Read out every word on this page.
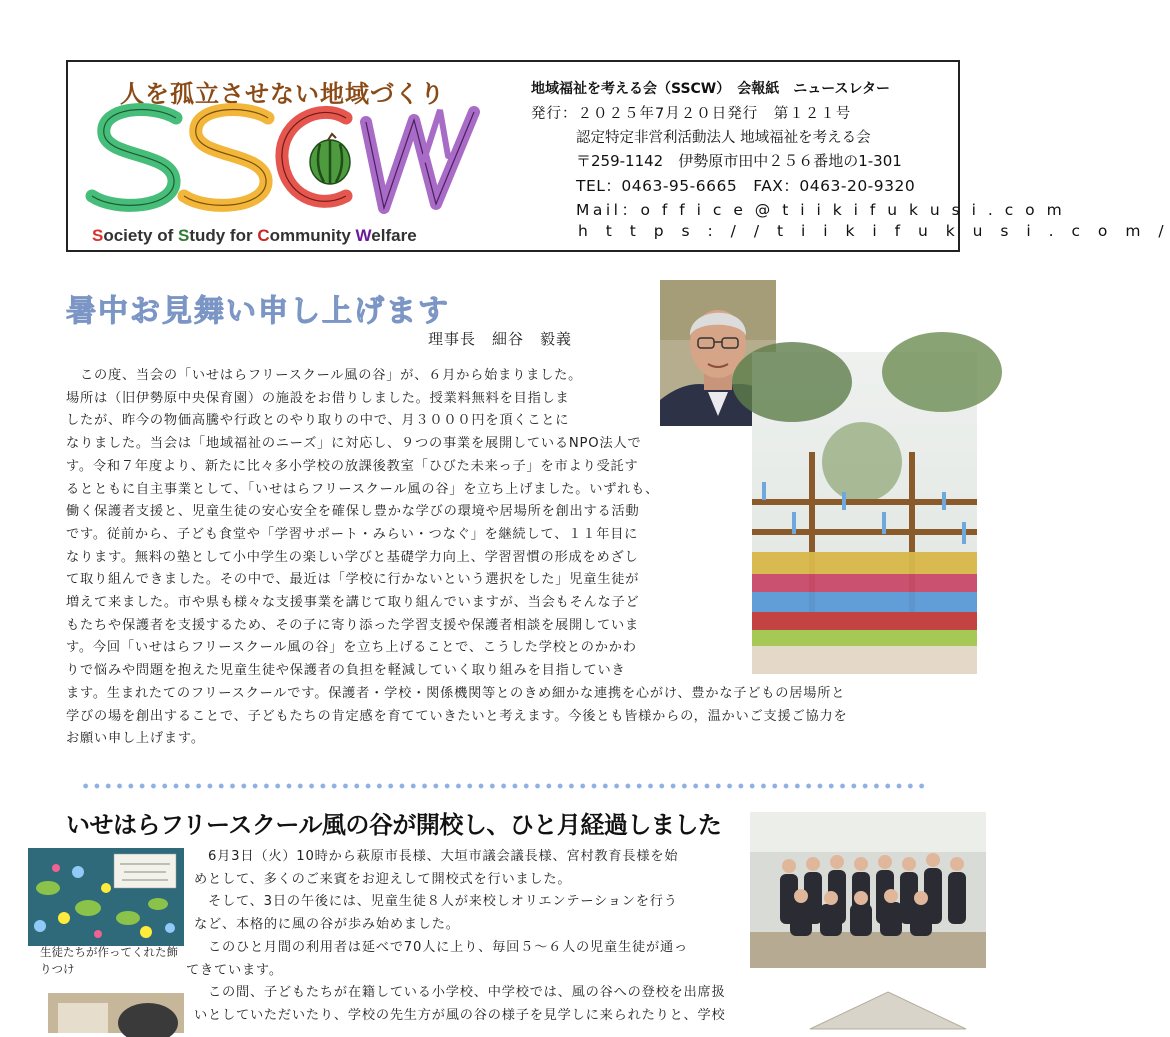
人を孤立させない地域づくり
Society of Study for Community Welfare
地域福祉を考える会（SSCW）　会報紙　ニュースレター
発行：２０２５年7月２０日発行　第１２１号
認定特定非営利活動法人 地域福祉を考える会
〒259-1142　伊勢原市田中２５６番地の1-301
TEL：0463-95-6665　FAX：0463-20-9320
Mail：o f f i c e @ t i i k i f u k u s i . c o m
h t t p s : / / t i i k i f u k u s i . c o m /
暑中お見舞い申し上げます
理事長　細谷　毅義
　この度、当会の「いせはらフリースクール風の谷」が、６月から始まりました。
場所は（旧伊勢原中央保育園）の施設をお借りしました。授業料無料を目指しま
したが、昨今の物価高騰や行政とのやり取りの中で、月３０００円を頂くことに
なりました。当会は「地域福祉のニーズ」に対応し、９つの事業を展開しているNPO法人で
す。令和７年度より、新たに比々多小学校の放課後教室「ひびた未来っ子」を市より受託す
るとともに自主事業として、｢いせはらフリースクール風の谷」を立ち上げました。いずれも、
働く保護者支援と、児童生徒の安心安全を確保し豊かな学びの環境や居場所を創出する活動
です。従前から、子ども食堂や「学習サポート・みらい・つなぐ」を継続して、１１年目に
なります。無料の塾として小中学生の楽しい学びと基礎学力向上、学習習慣の形成をめざし
て取り組んできました。その中で、最近は「学校に行かないという選択をした」児童生徒が
増えて来ました。市や県も様々な支援事業を講じて取り組んでいますが、当会もそんな子ど
もたちや保護者を支援するため、その子に寄り添った学習支援や保護者相談を展開していま
す。今回「いせはらフリースクール風の谷」を立ち上げることで、こうした学校とのかかわ
りで悩みや問題を抱えた児童生徒や保護者の負担を軽減していく取り組みを目指していき
ます。生まれたてのフリースクールです。保護者・学校・関係機関等とのきめ細かな連携を心がけ、豊かな子どもの居場所と
学びの場を創出することで、子どもたちの肯定感を育てていきたいと考えます。今後とも皆様からの，温かいご支援ご協力を
お願い申し上げます。
いせはらフリースクール風の谷が開校し、ひと月経過しました
生徒たちが作ってくれた飾りつけ
　6月3日（火）10時から萩原市長様、大垣市議会議長様、宮村教育長様を始
めとして、多くのご来賓をお迎えして開校式を行いました。
　そして、3日の午後には、児童生徒８人が来校しオリエンテーションを行う
など、本格的に風の谷が歩み始めました。
　このひと月間の利用者は延べで70人に上り、毎回５～６人の児童生徒が通っ
てきています。
　この間、子どもたちが在籍している小学校、中学校では、風の谷への登校を出席扱
いとしていただいたり、学校の先生方が風の谷の様子を見学しに来られたりと、学校
